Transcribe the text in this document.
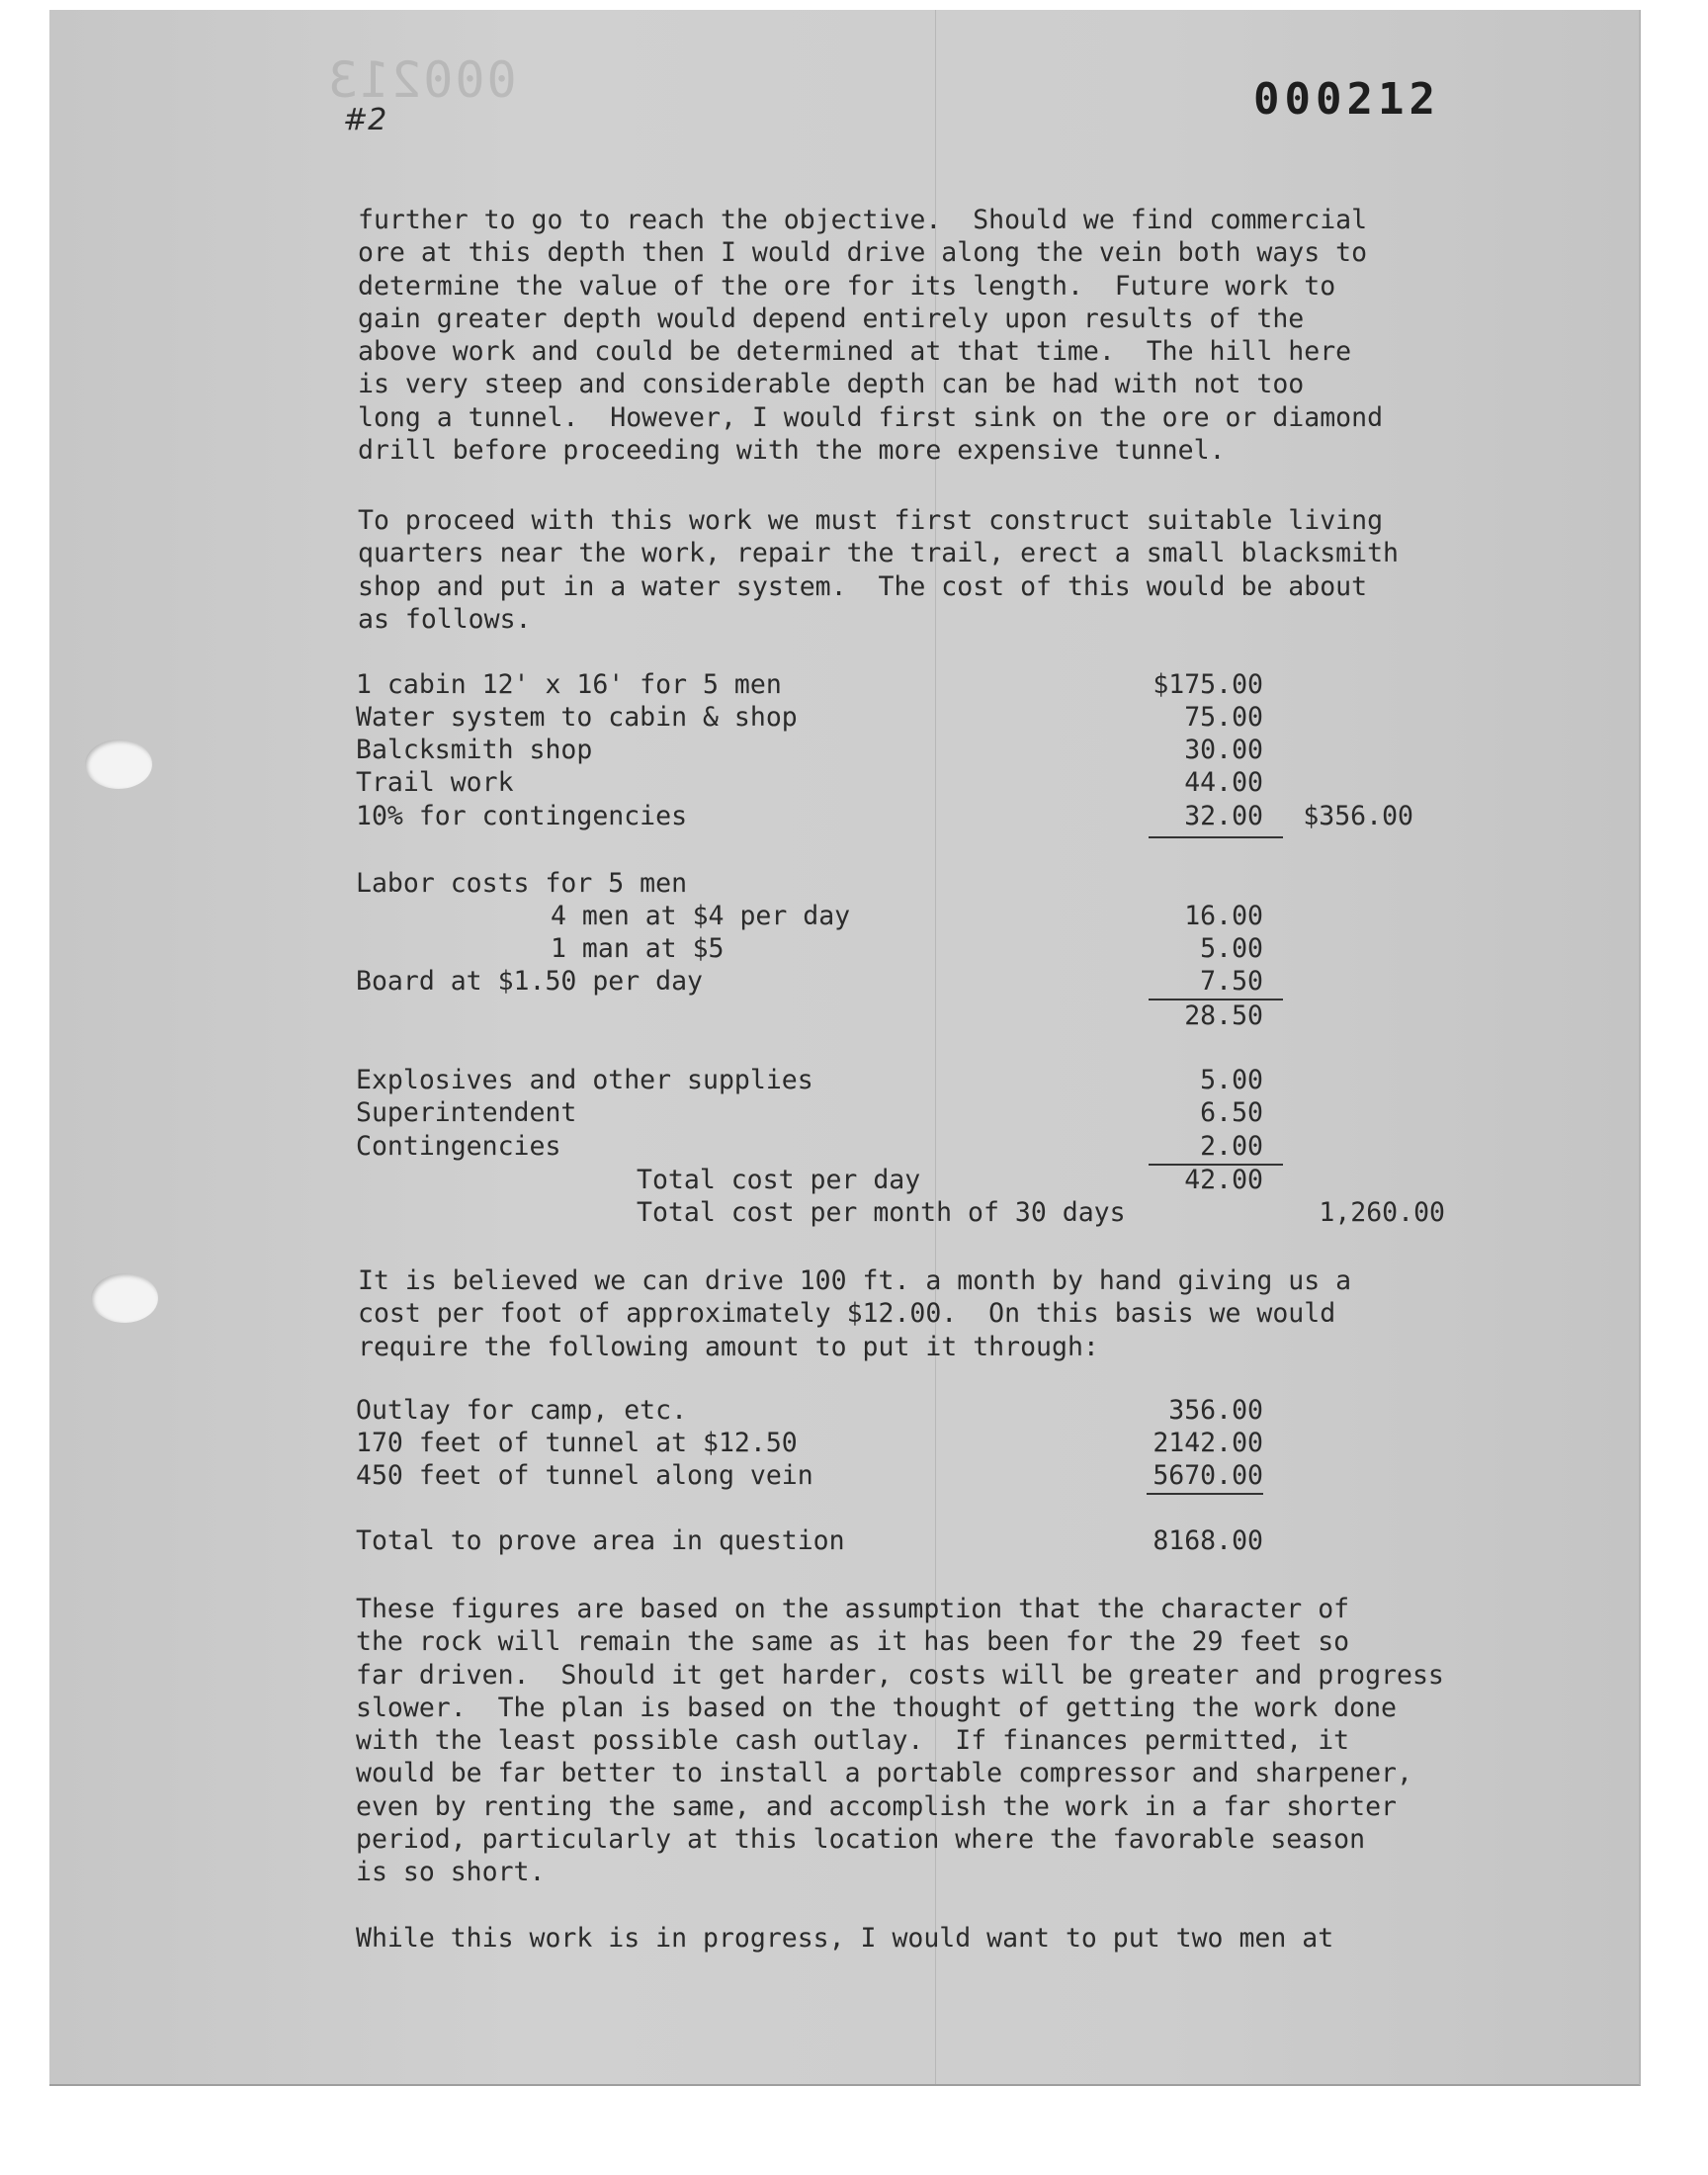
000213	000212
#2

further to go to reach the objective.  Should we find commercial
ore at this depth then I would drive along the vein both ways to
determine the value of the ore for its length.  Future work to
gain greater depth would depend entirely upon results of the
above work and could be determined at that time.  The hill here
is very steep and considerable depth can be had with not too
long a tunnel.  However, I would first sink on the ore or diamond
drill before proceeding with the more expensive tunnel.

To proceed with this work we must first construct suitable living
quarters near the work, repair the trail, erect a small blacksmith
shop and put in a water system.  The cost of this would be about
as follows.

1 cabin 12' x 16' for 5 men	$175.00
Water system to cabin & shop	75.00
Balcksmith shop	30.00
Trail work	44.00
10% for contingencies	32.00	$356.00
Labor costs for 5 men
4 men at $4 per day	16.00
1 man at $5	5.00
Board at $1.50 per day	7.50
28.50
Explosives and other supplies	5.00
Superintendent	6.50
Contingencies	2.00
Total cost per day	42.00
Total cost per month of 30 days	1,260.00

It is believed we can drive 100 ft. a month by hand giving us a
cost per foot of approximately $12.00.  On this basis we would
require the following amount to put it through:

Outlay for camp, etc.	356.00
170 feet of tunnel at $12.50	2142.00
450 feet of tunnel along vein	5670.00
Total to prove area in question	8168.00

These figures are based on the assumption that the character of
the rock will remain the same as it has been for the 29 feet so
far driven.  Should it get harder, costs will be greater and progress
slower.  The plan is based on the thought of getting the work done
with the least possible cash outlay.  If finances permitted, it
would be far better to install a portable compressor and sharpener,
even by renting the same, and accomplish the work in a far shorter
period, particularly at this location where the favorable season
is so short.

While this work is in progress, I would want to put two men at
